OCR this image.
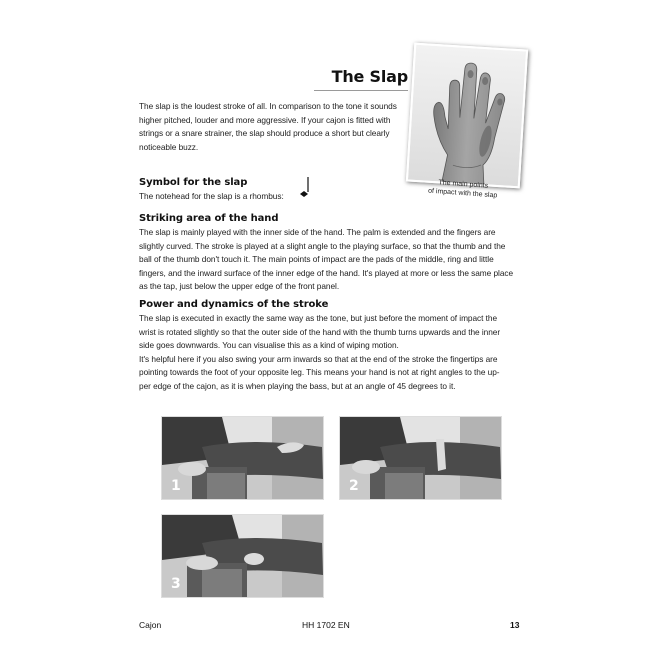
The Slap
The slap is the loudest stroke of all. In comparison to the tone it sounds
higher pitched, louder and more aggressive. If your cajon is fitted with
strings or a snare strainer, the slap should produce a short but clearly
noticeable buzz.
The main points
of impact with the slap
Symbol for the slap
The notehead for the slap is a rhombus:
Striking area of the hand
The slap is mainly played with the inner side of the hand. The palm is extended and the fingers are
slightly curved. The stroke is played at a slight angle to the playing surface, so that the thumb and the
ball of the thumb don't touch it. The main points of impact are the pads of the middle, ring and little
fingers, and the inward surface of the inner edge of the hand. It's played at more or less the same place
as the tap, just below the upper edge of the front panel.
Power and dynamics of the stroke
The slap is executed in exactly the same way as the tone, but just before the moment of impact the
wrist is rotated slightly so that the outer side of the hand with the thumb turns upwards and the inner
side goes downwards. You can visualise this as a kind of wiping motion.
It's helpful here if you also swing your arm inwards so that at the end of the stroke the fingertips are
pointing towards the foot of your opposite leg. This means your hand is not at right angles to the up-
per edge of the cajon, as it is when playing the bass, but at an angle of 45 degrees to it.
1	2
3
Cajon	HH 1702 EN	13
